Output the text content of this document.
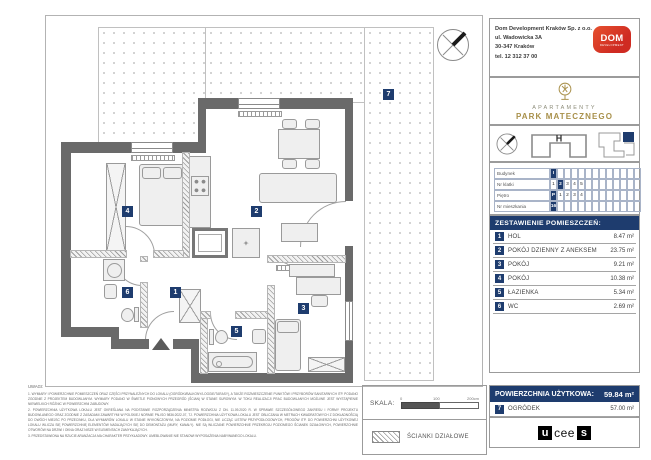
✦
1
2
3
4
5
6
7
Dom Development Kraków Sp. z o.o.
ul. Wadowicka 3A
30-347 Kraków
tel. 12 312 37 00
DOM
DEVELOPMENT
APARTAMENTY
PARK MATECZNEGO
H
Budynek	I
Nr klatki	1 2 3 4 5
Piętro	P 1 2 3 4
Nr mieszkania	16
ZESTAWIENIE POMIESZCZEŃ:
1	HOL	8.47 m²
2	POKÓJ DZIENNY Z ANEKSEM	23.75 m²
3	POKÓJ	9.21 m²
4	POKÓJ	10.38 m²
5	ŁAZIENKA	5.34 m²
6	WC	2.69 m²
POWIERZCHNIA UŻYTKOWA: 59.84 m²
7	OGRÓDEK	57.00 m²
u cee s
UWAGI:

1. WYMIARY I POWIERZCHNIE POMIESZCZEŃ ORAZ CZĘŚCI PRZYNALEŻNYCH DO LOKALU (OGRÓDKI/BALKONY/LOGGIE/TARASY), A TAKŻE ROZMIESZCZENIE PUNKTÓW I PRZYBORÓW SANITARNYCH ITP. PODANO ZGODNIE Z PROJEKTEM BUDOWLANYM. WYMIARY PODANO W ŚWIETLE PIONOWYCH PRZEGRÓD (ŚCIAN) W STANIE SUROWYM. W TOKU REALIZACJI PRAC BUDOWLANYCH MOŻLIWE JEST WYSTĄPIENIE NIEWIELKICH RÓŻNIC W POWIERZCHNI ZABUDOWY.

2. POWIERZCHNIA UŻYTKOWA LOKALU JEST OKREŚLANA NA PODSTAWIE ROZPORZĄDZENIA MINISTRA ROZWOJU Z DN. 11.09.2020 R. W SPRAWIE SZCZEGÓŁOWEGO ZAKRESU I FORMY PROJEKTU BUDOWLANEGO ORAZ ZGODNIE Z ZASADAMI ZAWARTYMI W POLSKIEJ NORMIE PN-ISO 9836:2022-07, TJ. POWIERZCHNIA UŻYTKOWA LOKALU JEST OBLICZANA W METRACH KWADRATOWYCH Z DOKŁADNOŚCIĄ DO DWÓCH MIEJSC PO PRZECINKU, DLA WYMIARÓW LOKALU W STANIE WYKOŃCZONYM, NA POZIOMIE PODŁOGI, NIE LICZĄC LISTEW PRZYPODŁOGOWYCH, PROGÓW ITP. DO POWIERZCHNI UŻYTKOWEJ LOKALU WLICZA SIĘ POWIERZCHNIĘ ELEMENTÓW NADAJĄCYCH SIĘ DO DEMONTAŻU (MURY, KANAŁY). NIE SĄ WLICZANE POWIERZCHNIE PRZEKROJU POZIOMEGO ŚCIANEK DZIAŁOWYCH, POWIERZCHNIE OTWORÓW NA DRZWI I OKNA ORAZ NISZE W ELEMENTACH ZAMYKAJĄCYCH.

3. PRZEDSTAWIONA NA RZUCIE ARANŻACJA MA CHARAKTER PRZYKŁADOWY. UMEBLOWANIE NIE STANOWI WYPOSAŻENIA NABYWANEGO LOKALU.

SKALA:
0	100	200cm
ŚCIANKI DZIAŁOWE
